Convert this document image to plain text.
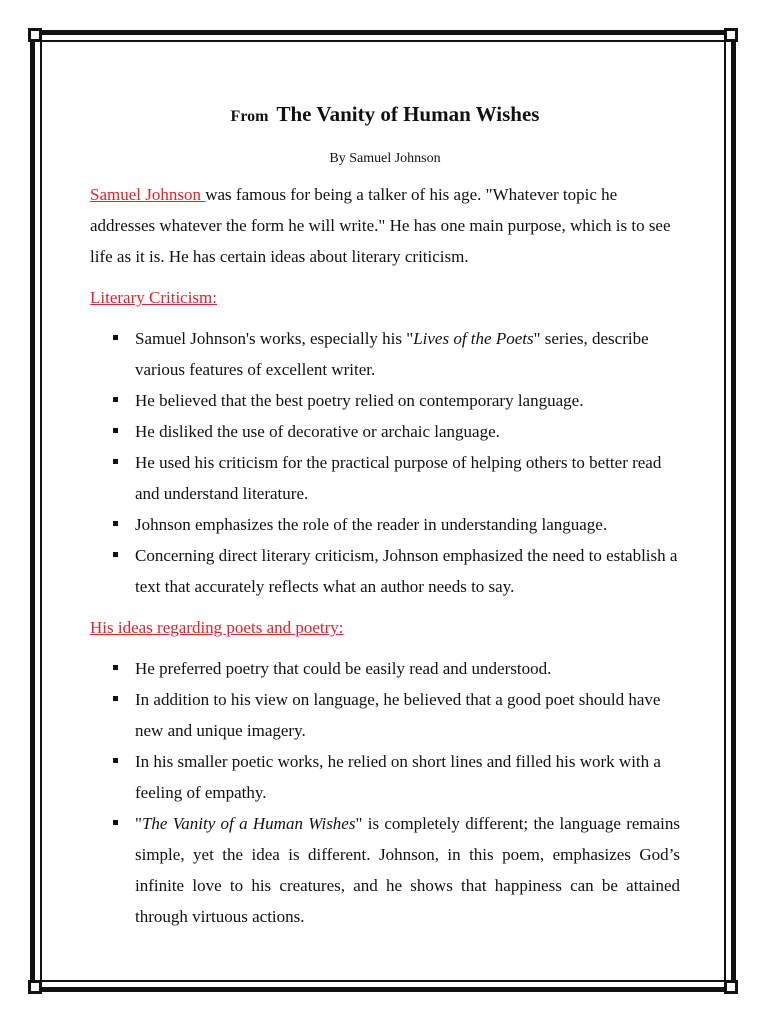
From The Vanity of Human Wishes
By Samuel Johnson

Samuel Johnson was famous for being a talker of his age. "Whatever topic he addresses whatever the form he will write." He has one main purpose, which is to see life as it is. He has certain ideas about literary criticism.

Literary Criticism:
Samuel Johnson's works, especially his "Lives of the Poets" series, describe various features of excellent writer.
He believed that the best poetry relied on contemporary language.
He disliked the use of decorative or archaic language.
He used his criticism for the practical purpose of helping others to better read and understand literature.
Johnson emphasizes the role of the reader in understanding language.
Concerning direct literary criticism, Johnson emphasized the need to establish a text that accurately reflects what an author needs to say.
His ideas regarding poets and poetry:
He preferred poetry that could be easily read and understood.
In addition to his view on language, he believed that a good poet should have new and unique imagery.
In his smaller poetic works, he relied on short lines and filled his work with a feeling of empathy.
"The Vanity of a Human Wishes" is completely different; the language remains simple, yet the idea is different. Johnson, in this poem, emphasizes God’s infinite love to his creatures, and he shows that happiness can be attained through virtuous actions.
